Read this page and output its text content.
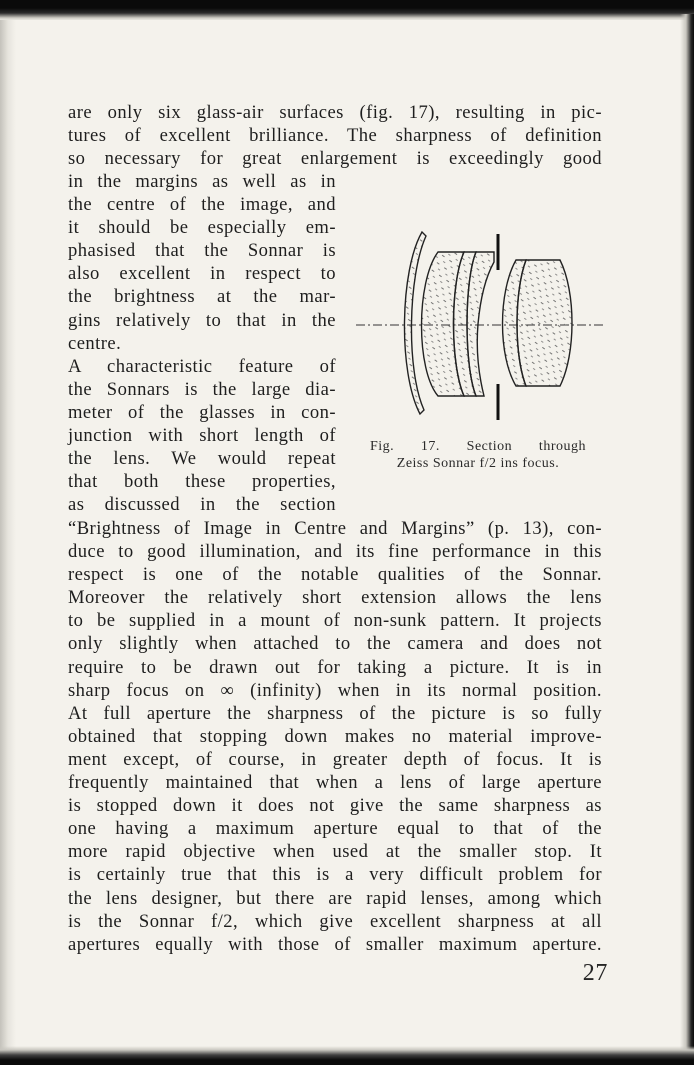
are only six glass-air surfaces (fig. 17), resulting in pic-
tures of excellent brilliance. The sharpness of definition
so necessary for great enlargement is exceedingly good
in the margins as well as in
the centre of the image, and
it should be especially em-
phasised that the Sonnar is
also excellent in respect to
the brightness at the mar-
gins relatively to that in the
centre.
A characteristic feature of
the Sonnars is the large dia-
meter of the glasses in con-
junction with short length of
the lens. We would repeat
that both these properties,
as discussed in the section
Fig. 17. Section through
Zeiss Sonnar f/2 ins focus.
“Brightness of Image in Centre and Margins” (p. 13), con-
duce to good illumination, and its fine performance in this
respect is one of the notable qualities of the Sonnar.
Moreover the relatively short extension allows the lens
to be supplied in a mount of non-sunk pattern. It projects
only slightly when attached to the camera and does not
require to be drawn out for taking a picture. It is in
sharp focus on ∞ (infinity) when in its normal position.
At full aperture the sharpness of the picture is so fully
obtained that stopping down makes no material improve-
ment except, of course, in greater depth of focus. It is
frequently maintained that when a lens of large aperture
is stopped down it does not give the same sharpness as
one having a maximum aperture equal to that of the
more rapid objective when used at the smaller stop. It
is certainly true that this is a very difficult problem for
the lens designer, but there are rapid lenses, among which
is the Sonnar f/2, which give excellent sharpness at all
apertures equally with those of smaller maximum aperture.
27
